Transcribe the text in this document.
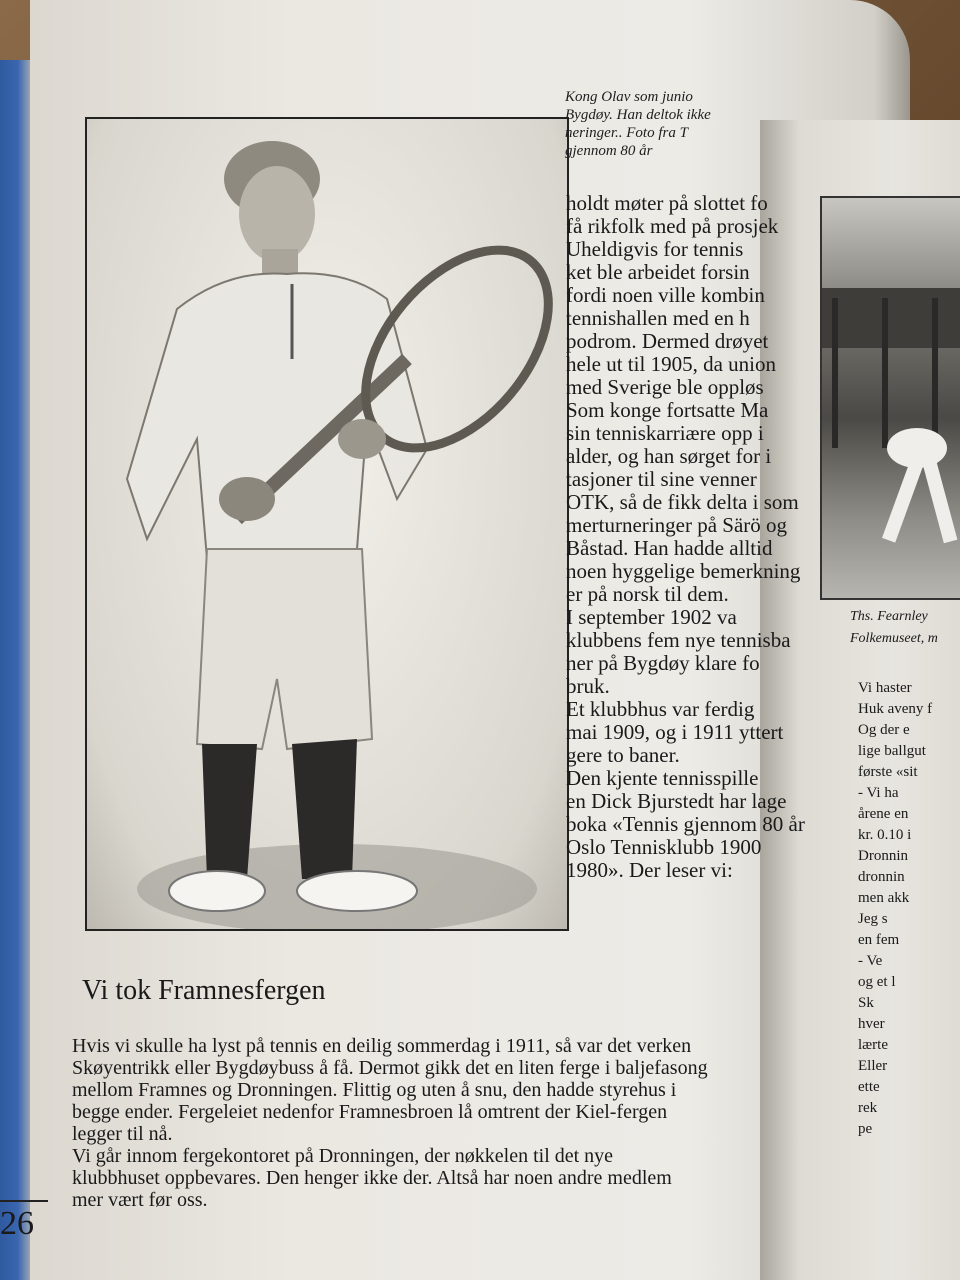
Kong Olav som junio
Bygdøy. Han deltok ikke
neringer.. Foto fra T
gjennom 80 år
holdt møter på slottet fo
få rikfolk med på prosjek
Uheldigvis for tennis
ket ble arbeidet forsin
fordi noen ville kombin
tennishallen med en h
podrom. Dermed drøyet
hele ut til 1905, da union
med Sverige ble oppløs
Som konge fortsatte Ma
sin tenniskarriære opp i
alder, og han sørget for i
tasjoner til sine venner
OTK, så de fikk delta i som
merturneringer på Särö og
Båstad. Han hadde alltid
noen hyggelige bemerkning
er på norsk til dem.
I september 1902 va
klubbens fem nye tennisba
ner på Bygdøy klare fo
bruk.
Et klubbhus var ferdig
mai 1909, og i 1911 yttert
gere to baner.
Den kjente tennisspille
en Dick Bjurstedt har lage
boka «Tennis gjennom 80 år
Oslo Tennisklubb 1900
1980». Der leser vi:
Vi tok Framnesfergen
Hvis vi skulle ha lyst på tennis en deilig sommerdag i 1911, så var det verken
Skøyentrikk eller Bygdøybuss å få. Dermot gikk det en liten ferge i baljefasong
mellom Framnes og Dronningen. Flittig og uten å snu, den hadde styrehus i
begge ender. Fergeleiet nedenfor Framnesbroen lå omtrent der Kiel-fergen
legger til nå.
Vi går innom fergekontoret på Dronningen, der nøkkelen til det nye
klubbhuset oppbevares. Den henger ikke der. Altså har noen andre medlem
mer vært før oss.
26
Ths. Fearnley
Folkemuseet, m
Vi haster
Huk aveny f
Og der e
lige ballgut
første «sit
- Vi ha
årene en
kr. 0.10 i
Dronnin
dronnin
men akk
Jeg s
en fem
- Ve
og et l
Sk
hver
lærte
Eller
ette
rek
pe
